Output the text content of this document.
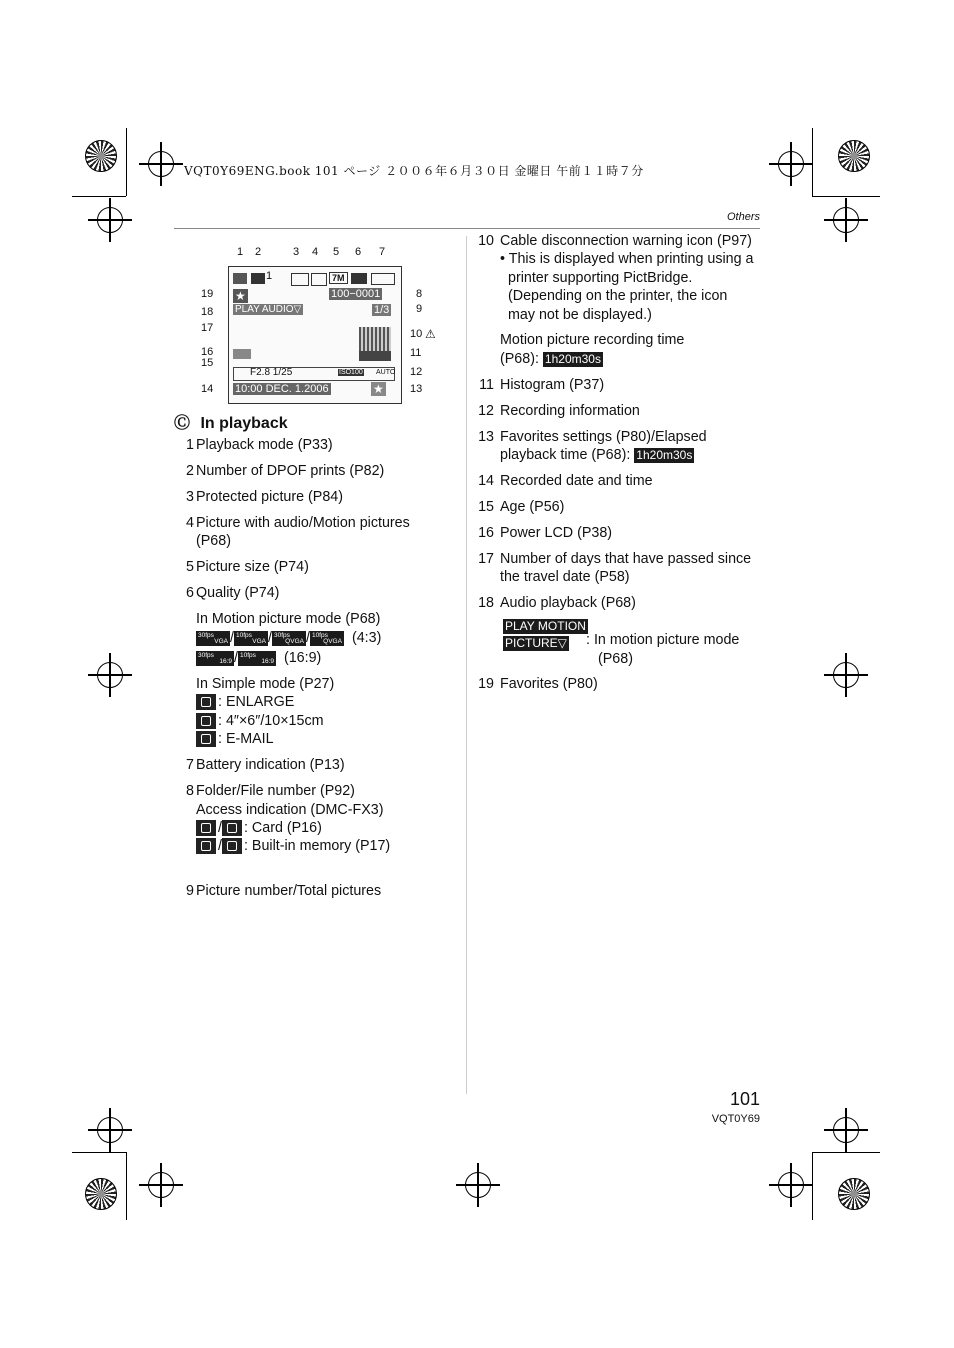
VQT0Y69ENG.book 101 ページ ２００６年６月３０日 金曜日 午前１１時７分
Others
1 2	3 4 5 6 7
19
18
17
16
15
14
8
9
10
11
12
13
⚠
1	7M
★	100−0001
PLAY AUDIO▽	1/3
F2.8 1/25	ISO100 AUTO
10:00 DEC. 1.2006	★
Ⓒ In playback
1 Playback mode (P33)
2 Number of DPOF prints (P82)
3 Protected picture (P84)
4 Picture with audio/Motion pictures
(P68)
5 Picture size (P74)
6 Quality (P74)
In Motion picture mode (P68)
30fps
VGA / 10fps
VGA / 30fps
QVGA / 10fps
QVGA (4:3)
30fps
16:9 / 10fps
16:9 (16:9)
In Simple mode (P27)
: ENLARGE
: 4″×6″/10×15cm
: E-MAIL
7 Battery indication (P13)
8 Folder/File number (P92)
Access indication (DMC-FX3)
/ : Card (P16)
/ : Built-in memory (P17)
9 Picture number/Total pictures
10 Cable disconnection warning icon (P97)
• This is displayed when printing using a
printer supporting PictBridge.
(Depending on the printer, the icon
may not be displayed.)
Motion picture recording time
(P68): 1h20m30s
11 Histogram (P37)
12 Recording information
13 Favorites settings (P80)/Elapsed
playback time (P68): 1h20m30s
14 Recorded date and time
15 Age (P56)
16 Power LCD (P38)
17 Number of days that have passed since
the travel date (P58)
18 Audio playback (P68)
PLAY MOTION
PICTURE▽ : In motion picture mode
(P68)
19 Favorites (P80)
101
VQT0Y69
